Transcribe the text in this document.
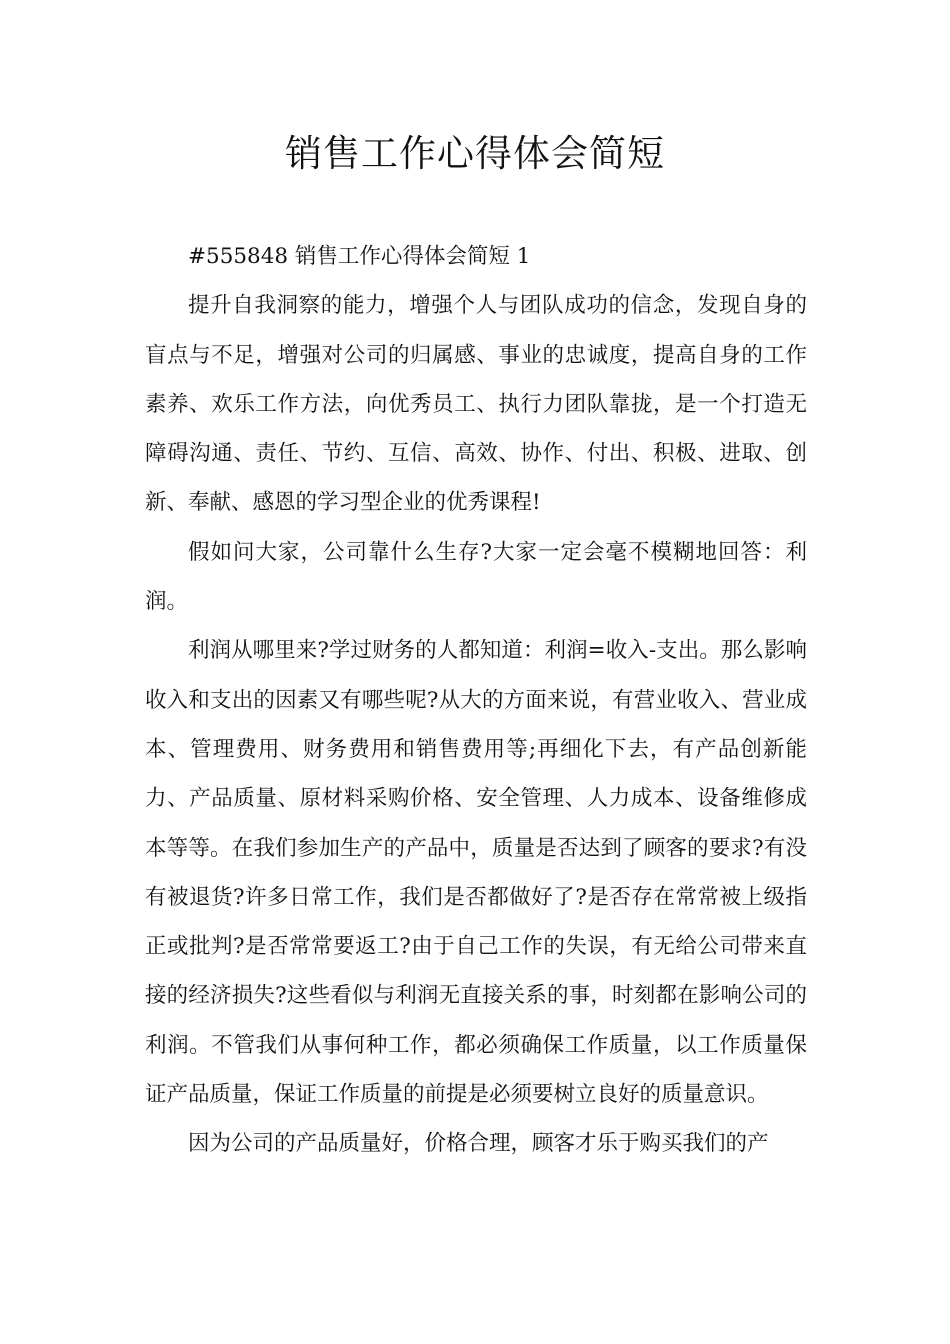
销售工作心得体会简短

#555848 销售工作心得体会简短 1

提升自我洞察的能力，增强个人与团队成功的信念，发现自身的盲点与不足，增强对公司的归属感、事业的忠诚度，提高自身的工作素养、欢乐工作方法，向优秀员工、执行力团队靠拢，是一个打造无障碍沟通、责任、节约、互信、高效、协作、付出、积极、进取、创新、奉献、感恩的学习型企业的优秀课程!

假如问大家，公司靠什么生存?大家一定会毫不模糊地回答：利润。

利润从哪里来?学过财务的人都知道：利润=收入-支出。那么影响收入和支出的因素又有哪些呢?从大的方面来说，有营业收入、营业成本、管理费用、财务费用和销售费用等;再细化下去，有产品创新能力、产品质量、原材料采购价格、安全管理、人力成本、设备维修成本等等。在我们参加生产的产品中，质量是否达到了顾客的要求?有没有被退货?许多日常工作，我们是否都做好了?是否存在常常被上级指正或批判?是否常常要返工?由于自己工作的失误，有无给公司带来直接的经济损失?这些看似与利润无直接关系的事，时刻都在影响公司的利润。不管我们从事何种工作，都必须确保工作质量，以工作质量保证产品质量，保证工作质量的前提是必须要树立良好的质量意识。

因为公司的产品质量好，价格合理，顾客才乐于购买我们的产
